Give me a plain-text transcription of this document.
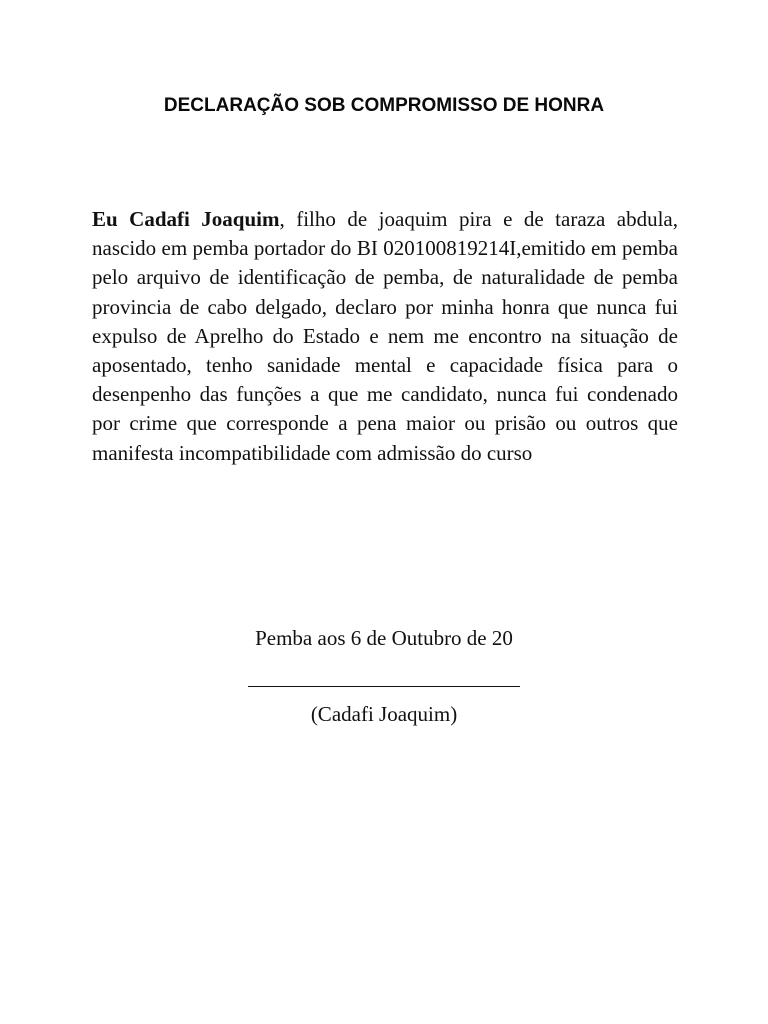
DECLARAÇÃO SOB COMPROMISSO DE HONRA
Eu Cadafi Joaquim, filho de joaquim pira e de taraza abdula, nascido em pemba portador do BI 020100819214I,emitido em pemba pelo arquivo de identificação de pemba, de naturalidade de pemba provincia de cabo delgado, declaro por minha honra que nunca fui expulso de Aprelho do Estado e nem me encontro na situação de aposentado, tenho sanidade mental e capacidade física para o desenpenho das funções a que me candidato, nunca fui condenado por crime que corresponde a pena maior ou prisão ou outros que manifesta incompatibilidade com admissão do curso
Pemba aos 6 de Outubro de 20
(Cadafi Joaquim)
